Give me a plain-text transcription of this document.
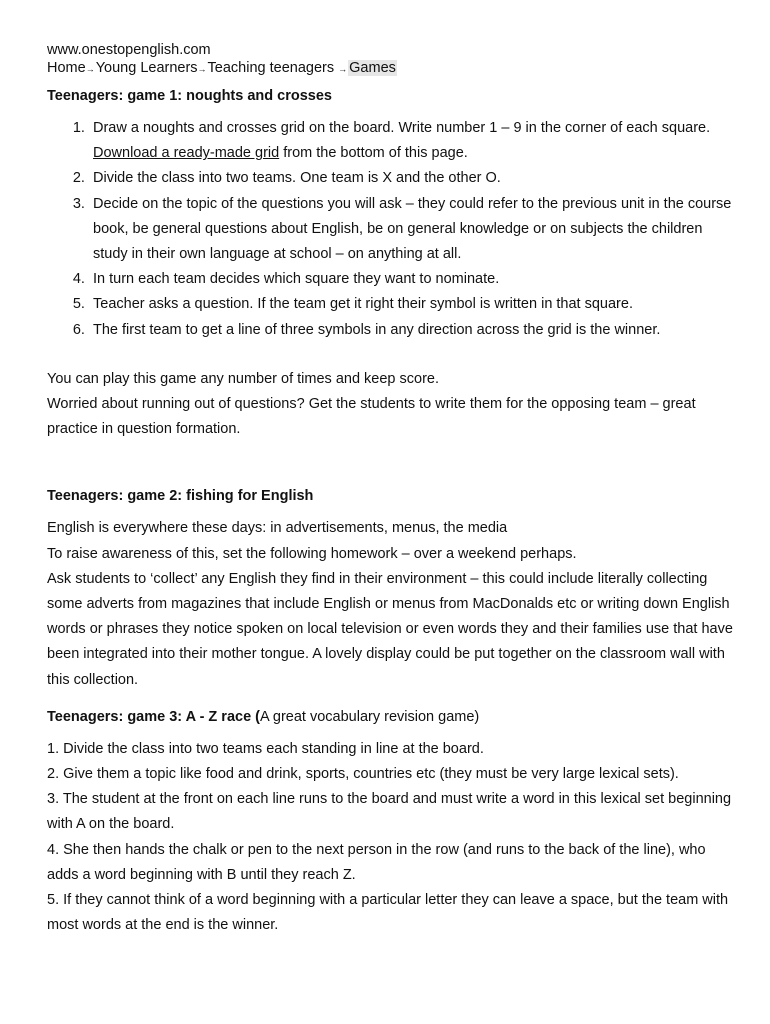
www.onestopenglish.com
Home→Young Learners→Teaching teenagers → Games
Teenagers: game 1: noughts and crosses
1. Draw a noughts and crosses grid on the board. Write number 1 – 9 in the corner of each square. Download a ready-made grid from the bottom of this page.
2. Divide the class into two teams. One team is X and the other O.
3. Decide on the topic of the questions you will ask – they could refer to the previous unit in the course book, be general questions about English, be on general knowledge or on subjects the children study in their own language at school – on anything at all.
4. In turn each team decides which square they want to nominate.
5. Teacher asks a question. If the team get it right their symbol is written in that square.
6. The first team to get a line of three symbols in any direction across the grid is the winner.

You can play this game any number of times and keep score.

Worried about running out of questions? Get the students to write them for the opposing team – great practice in question formation.

Teenagers: game 2: fishing for English

English is everywhere these days: in advertisements, menus, the media

To raise awareness of this, set the following homework – over a weekend perhaps.

Ask students to ‘collect’ any English they find in their environment – this could include literally collecting some adverts from magazines that include English or menus from MacDonalds etc or writing down English words or phrases they notice spoken on local television or even words they and their families use that have been integrated into their mother tongue. A lovely display could be put together on the classroom wall with this collection.

Teenagers: game 3: A - Z race (A great vocabulary revision game)

1. Divide the class into two teams each standing in line at the board.

2. Give them a topic like food and drink, sports, countries etc (they must be very large lexical sets).

3. The student at the front on each line runs to the board and must write a word in this lexical set beginning with A on the board.

4. She then hands the chalk or pen to the next person in the row (and runs to the back of the line), who adds a word beginning with B until they reach Z.

5. If they cannot think of a word beginning with a particular letter they can leave a space, but the team with most words at the end is the winner.
